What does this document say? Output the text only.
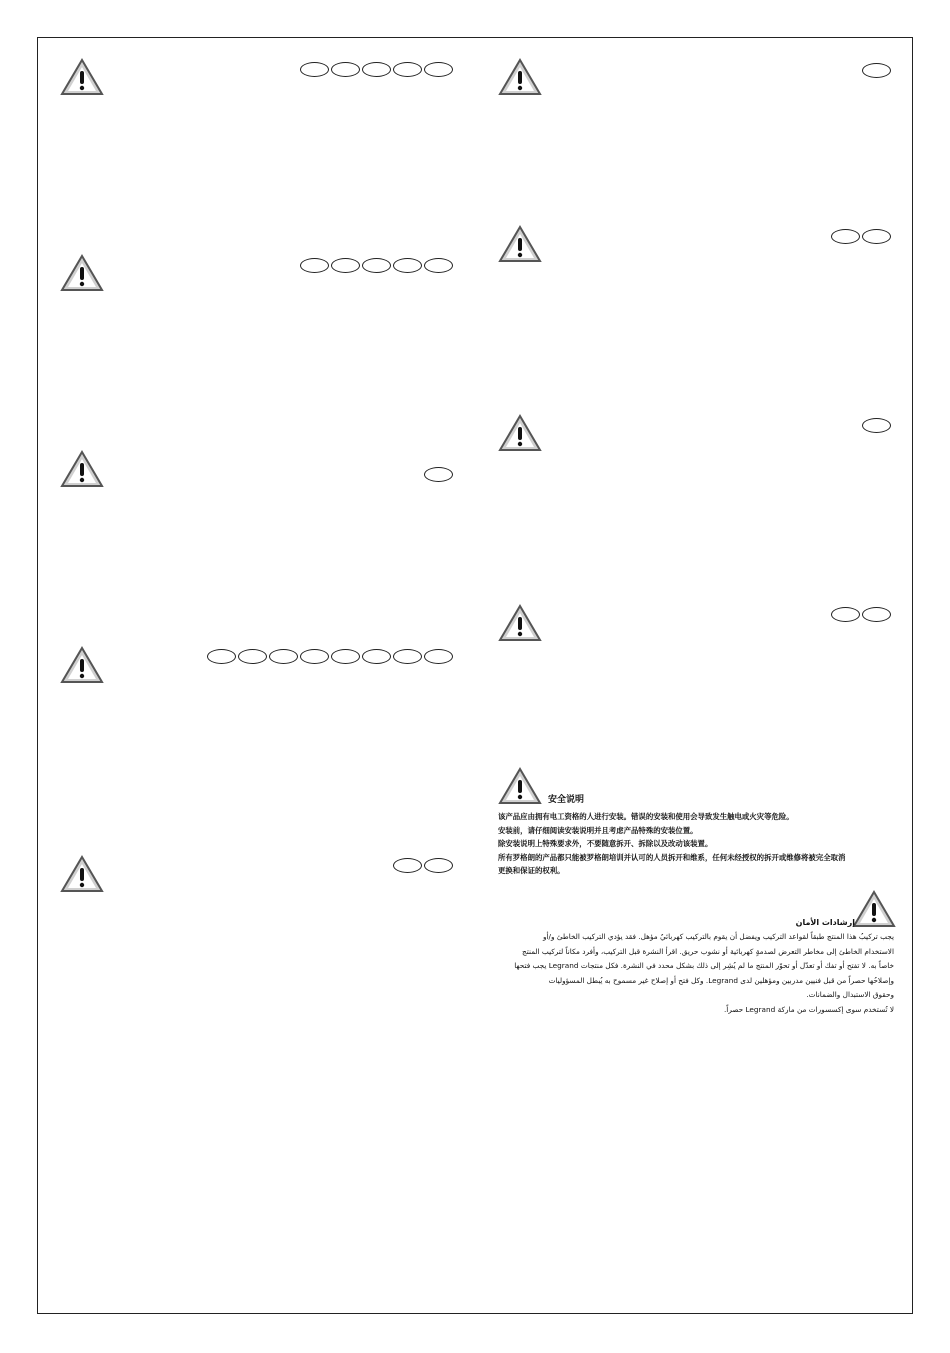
安全说明
该产品应由拥有电工资格的人进行安装。错误的安装和使用会导致发生触电或火灾等危险。
安装前，请仔细阅读安装说明并且考虑产品特殊的安装位置。
除安装说明上特殊要求外，不要随意拆开、拆除以及改动该装置。
所有罗格朗的产品都只能被罗格朗培训并认可的人员拆开和维系，任何未经授权的拆开或维修将被完全取消
更换和保证的权利。
إرشادات الأمان
يجب تركيبُ هذا المنتج طبقاً لقواعد التركيب ويفضل أن يقوم بالتركيب كهربائيٌ مؤهل. فقد يؤدي التركيب الخاطئ و/أو
الاستخدام الخاطئ إلى مخاطر التعرض لصدمةٍ كهربائية أو نشوب حريق. اقرأ النشرة قبل التركيب، وأفرد مكاناً لتركيب المنتج
خاصاً به. لا تفتح أو تفك أو تعدّل أو تحوّر المنتج ما لم يُشِر إلى ذلك بشكل محدد في النشرة. فكل منتجات Legrand يجب فتحها
وإصلاحُها حصراً من قبل فنيين مدربين ومؤهلين لدى Legrand. وكل فتح أو إصلاح غير مسموح به يُبطل المسؤوليات
وحقوق الاستبدال والضمانات.
لا تُستخدم سوى إكسسورات من ماركة Legrand حصراً.
